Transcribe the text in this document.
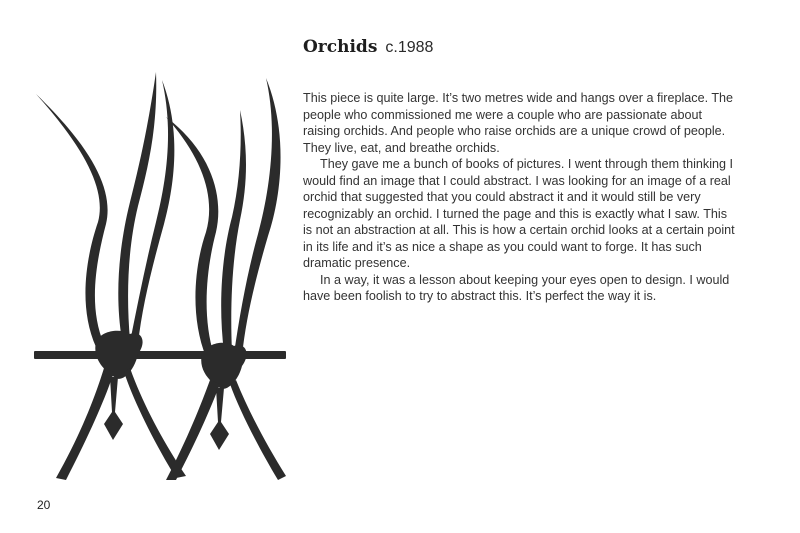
Orchids c.1988

This piece is quite large. It’s two metres wide and hangs over a fireplace. The people who commissioned me were a couple who are passionate about raising orchids. And people who raise orchids are a unique crowd of people. They live, eat, and breathe orchids.

They gave me a bunch of books of pictures. I went through them thinking I would find an image that I could abstract. I was looking for an image of a real orchid that suggested that you could abstract it and it would still be very recognizably an orchid. I turned the page and this is exactly what I saw. This is not an abstraction at all. This is how a certain orchid looks at a certain point in its life and it’s as nice a shape as you could want to forge. It has such dramatic presence.

In a way, it was a lesson about keeping your eyes open to design. I would have been foolish to try to abstract this. It’s perfect the way it is.

20
